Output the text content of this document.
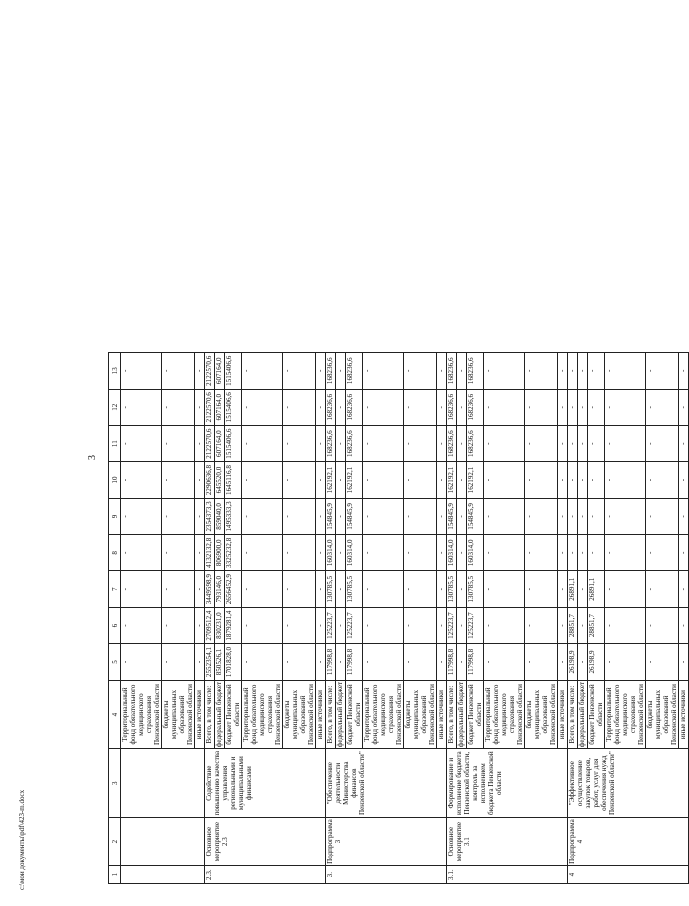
3
1	2	3	4	5	6	7	8	9	10	11	12	13
			Территориальный фонд обязательного медицинского страхования Пензенской области	-	-	-	-	-	-	-	-	-
			бюджеты муниципальных образований Пензенской области	-	-	-	-	-	-	-	-	-
			иные источники	-	-	-	-	-	-	-	-	-
2.3.	Основное мероприятие 2.3	Содействие повышению качества управления региональными и муниципальными финансами	Всего, в том числе:	2552354,1	2709512,4	3449598,9	4132132,8	2354373,3	2290636,8	2122570,6	2122570,6	2122570,6
			федеральный бюджет	850526,1	830231,0	793146,0	806900,0	859040,0	645520,0	607164,0	607164,0	607164,0
			бюджет Пензенской области	1701828,0	1879281,4	2656452,9	3325232,8	1495333,3	1645116,8	1515406,6	1515406,6	1515406,6
			Территориальный фонд обязательного медицинского страхования Пензенской области	-	-	-	-	-	-	-	-	-
			бюджеты муниципальных образований Пензенской области	-	-	-	-	-	-	-	-	-
			иные источники	-	-	-	-	-	-	-	-	-
3.	Подпрограмма 3	"Обеспечение деятельности Министерства финансов Пензенской области"	Всего, в том числе:	117998,8	125223,7	130785,5	160314,0	154845,9	162192,1	168236,6	168236,6	168236,6
			федеральный бюджет	-	-	-	-	-	-	-	-	-
			бюджет Пензенской области	117998,8	125223,7	130785,5	160314,0	154845,9	162192,1	168236,6	168236,6	168236,6
			Территориальный фонд обязательного медицинского страхования Пензенской области	-	-	-	-	-	-	-	-	-
			бюджеты муниципальных образований Пензенской области	-	-	-	-	-	-	-	-	-
			иные источники	-	-	-	-	-	-	-	-	-
3.1.	Основное мероприятие 3.1	Формирование и исполнение бюджета Пензенской области, контроль за исполнением бюджета Пензенской области	Всего, в том числе:	117998,8	125223,7	130785,5	160314,0	154845,9	162192,1	168236,6	168236,6	168236,6
			федеральный бюджет	-	-	-	-	-	-	-	-	-
			бюджет Пензенской области	117998,8	125223,7	130785,5	160314,0	154845,9	162192,1	168236,6	168236,6	168236,6
			Территориальный фонд обязательного медицинского страхования Пензенской области	-	-	-	-	-	-	-	-	-
			бюджеты муниципальных образований Пензенской области	-	-	-	-	-	-	-	-	-
			иные источники	-	-	-	-	-	-	-	-	-
4	Подпрограмма 4	"Эффективное осуществление закупок товаров, работ, услуг для обеспечения нужд Пензенской области"	Всего, в том числе:	26198,9	28851,7	26891,1	-	-	-	-	-	-
			федеральный бюджет	-	-	-	-	-	-	-	-	-
			бюджет Пензенской области	26198,9	28851,7	26891,1	-	-	-	-	-	-
			Территориальный фонд обязательного медицинского страхования Пензенской области	-	-	-	-	-	-	-	-	-
			бюджеты муниципальных образований Пензенской области	-	-	-	-	-	-	-	-	-
			иные источники	-	-	-	-	-	-	-	-	-
c:\мои документы\pdf\423-m.docx
